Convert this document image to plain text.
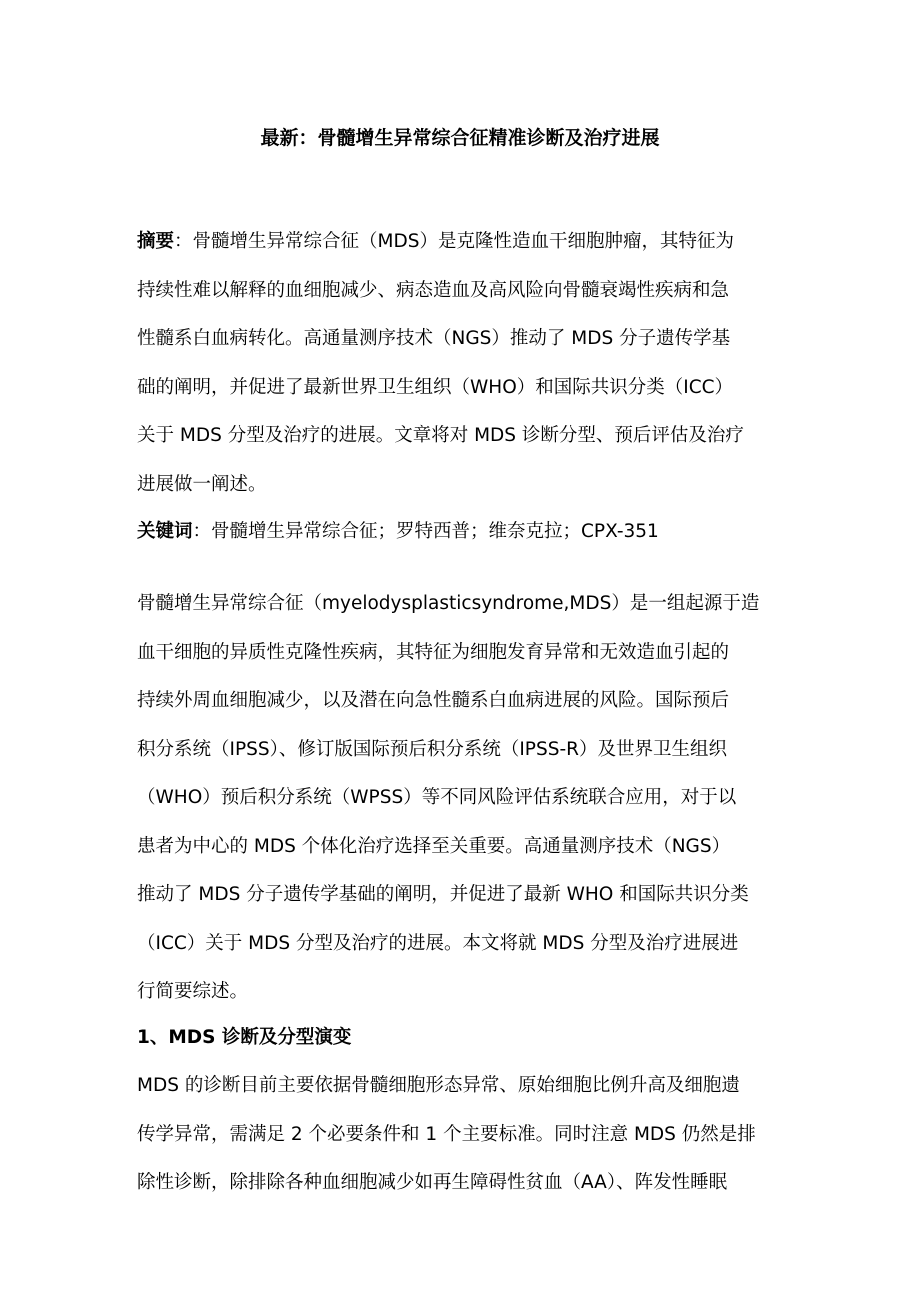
最新：骨髓增生异常综合征精准诊断及治疗进展
摘要：骨髓增生异常综合征（MDS）是克隆性造血干细胞肿瘤，其特征为
持续性难以解释的血细胞减少、病态造血及高风险向骨髓衰竭性疾病和急
性髓系白血病转化。高通量测序技术（NGS）推动了 MDS 分子遗传学基
础的阐明，并促进了最新世界卫生组织（WHO）和国际共识分类（ICC）
关于 MDS 分型及治疗的进展。文章将对 MDS 诊断分型、预后评估及治疗
进展做一阐述。
关键词：骨髓增生异常综合征；罗特西普；维奈克拉；CPX-351
骨髓增生异常综合征（myelodysplasticsyndrome,MDS）是一组起源于造
血干细胞的异质性克隆性疾病，其特征为细胞发育异常和无效造血引起的
持续外周血细胞减少，以及潜在向急性髓系白血病进展的风险。国际预后
积分系统（IPSS）、修订版国际预后积分系统（IPSS-R）及世界卫生组织
（WHO）预后积分系统（WPSS）等不同风险评估系统联合应用，对于以
患者为中心的 MDS 个体化治疗选择至关重要。高通量测序技术（NGS）
推动了 MDS 分子遗传学基础的阐明，并促进了最新 WHO 和国际共识分类
（ICC）关于 MDS 分型及治疗的进展。本文将就 MDS 分型及治疗进展进
行简要综述。
1、MDS 诊断及分型演变
MDS 的诊断目前主要依据骨髓细胞形态异常、原始细胞比例升高及细胞遗
传学异常，需满足 2 个必要条件和 1 个主要标准。同时注意 MDS 仍然是排
除性诊断，除排除各种血细胞减少如再生障碍性贫血（AA）、阵发性睡眠
